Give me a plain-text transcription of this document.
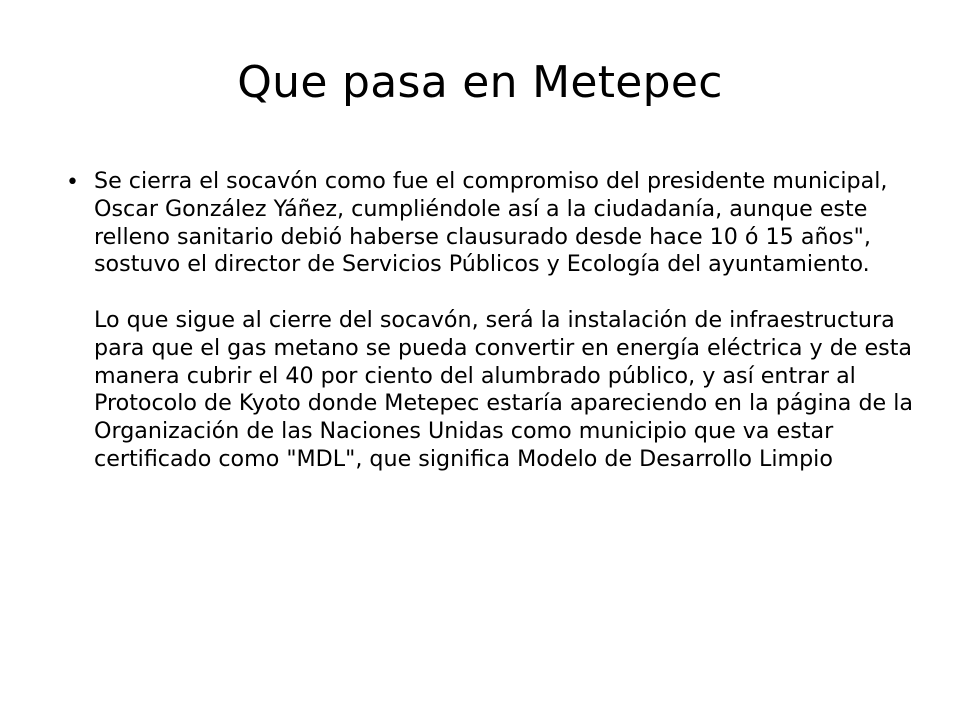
Que pasa en Metepec
• Se cierra el socavón como fue el compromiso del presidente municipal, Oscar González Yáñez, cumpliéndole así a la ciudadanía, aunque este relleno sanitario debió haberse clausurado desde hace 10 ó 15 años", sostuvo el director de Servicios Públicos y Ecología del ayuntamiento.

Lo que sigue al cierre del socavón, será la instalación de infraestructura para que el gas metano se pueda convertir en energía eléctrica y de esta manera cubrir el 40 por ciento del alumbrado público, y así entrar al Protocolo de Kyoto donde Metepec estaría apareciendo en la página de la Organización de las Naciones Unidas como municipio que va estar certificado como "MDL", que significa Modelo de Desarrollo Limpio
